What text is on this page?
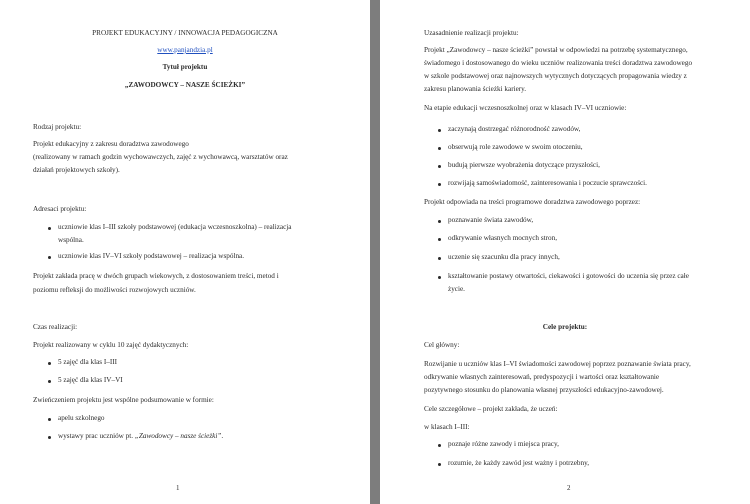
PROJEKT EDUKACYJNY / INNOWACJA PEDAGOGICZNA
www.panjandzia.pl
Tytuł projektu
„ZAWODOWCY – NASZE ŚCIEŻKI”
Rodzaj projektu:
Projekt edukacyjny z zakresu doradztwa zawodowego
(realizowany w ramach godzin wychowawczych, zajęć z wychowawcą, warsztatów oraz
działań projektowych szkoły).
Adresaci projektu:
uczniowie klas I–III szkoły podstawowej (edukacja wczesnoszkolna) – realizacja
wspólna.
uczniowie klas IV–VI szkoły podstawowej – realizacja wspólna.
Projekt zakłada pracę w dwóch grupach wiekowych, z dostosowaniem treści, metod i
poziomu refleksji do możliwości rozwojowych uczniów.
Czas realizacji:
Projekt realizowany w cyklu 10 zajęć dydaktycznych:
5 zajęć dla klas I–III
5 zajęć dla klas IV–VI
Zwieńczeniem projektu jest wspólne podsumowanie w formie:
apelu szkolnego
wystawy prac uczniów pt. „Zawodowcy – nasze ścieżki”.
1
Uzasadnienie realizacji projektu:
Projekt „Zawodowcy – nasze ścieżki” powstał w odpowiedzi na potrzebę systematycznego,
świadomego i dostosowanego do wieku uczniów realizowania treści doradztwa zawodowego
w szkole podstawowej oraz najnowszych wytycznych dotyczących propagowania wiedzy z
zakresu planowania ścieżki kariery.
Na etapie edukacji wczesnoszkolnej oraz w klasach IV–VI uczniowie:
zaczynają dostrzegać różnorodność zawodów,
obserwują role zawodowe w swoim otoczeniu,
budują pierwsze wyobrażenia dotyczące przyszłości,
rozwijają samoświadomość, zainteresowania i poczucie sprawczości.
Projekt odpowiada na treści programowe doradztwa zawodowego poprzez:
poznawanie świata zawodów,
odkrywanie własnych mocnych stron,
uczenie się szacunku dla pracy innych,
kształtowanie postawy otwartości, ciekawości i gotowości do uczenia się przez całe
życie.
Cele projektu:
Cel główny:
Rozwijanie u uczniów klas I–VI świadomości zawodowej poprzez poznawanie świata pracy,
odkrywanie własnych zainteresowań, predyspozycji i wartości oraz kształtowanie
pozytywnego stosunku do planowania własnej przyszłości edukacyjno-zawodowej.
Cele szczegółowe – projekt zakłada, że uczeń:
w klasach I–III:
poznaje różne zawody i miejsca pracy,
rozumie, że każdy zawód jest ważny i potrzebny,
2
